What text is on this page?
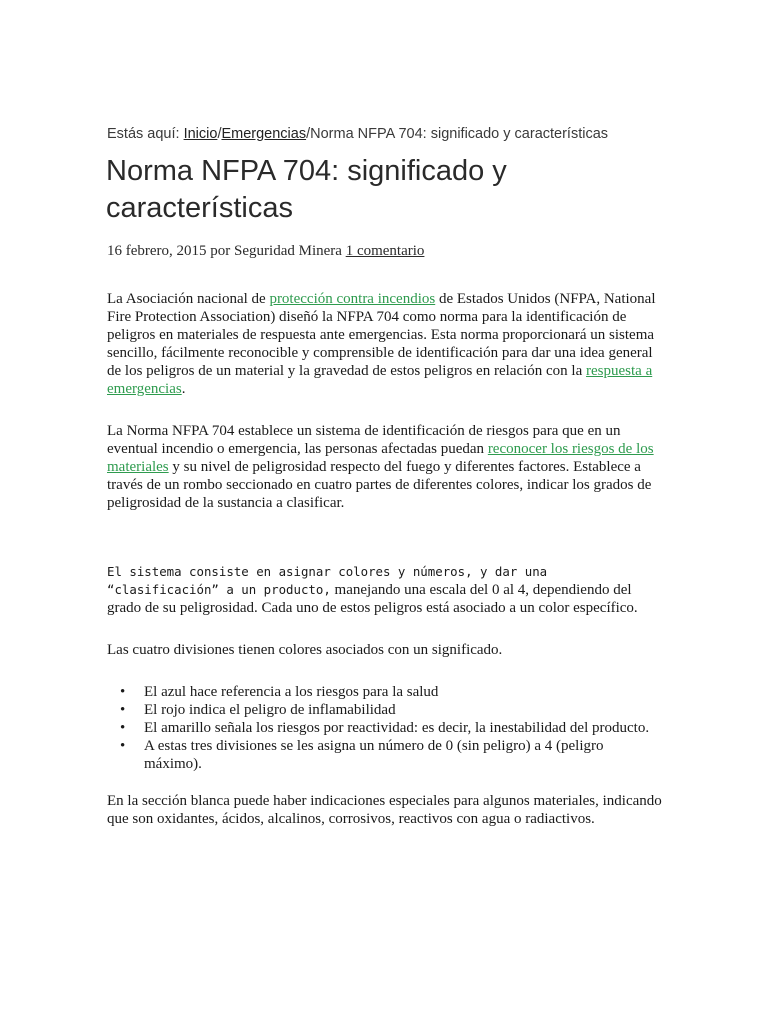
Estás aquí: Inicio/Emergencias/Norma NFPA 704: significado y características
Norma NFPA 704: significado y características
16 febrero, 2015 por Seguridad Minera 1 comentario

La Asociación nacional de protección contra incendios de Estados Unidos (NFPA, National Fire Protection Association) diseñó la NFPA 704 como norma para la identificación de peligros en materiales de respuesta ante emergencias. Esta norma proporcionará un sistema sencillo, fácilmente reconocible y comprensible de identificación para dar una idea general de los peligros de un material y la gravedad de estos peligros en relación con la respuesta a emergencias.

La Norma NFPA 704 establece un sistema de identificación de riesgos para que en un eventual incendio o emergencia, las personas afectadas puedan reconocer los riesgos de los materiales y su nivel de peligrosidad respecto del fuego y diferentes factores. Establece a través de un rombo seccionado en cuatro partes de diferentes colores, indicar los grados de peligrosidad de la sustancia a clasificar.

El sistema consiste en asignar colores y números, y dar una “clasificación” a un producto, manejando una escala del 0 al 4, dependiendo del grado de su peligrosidad. Cada uno de estos peligros está asociado a un color específico.

Las cuatro divisiones tienen colores asociados con un significado.

• El azul hace referencia a los riesgos para la salud
• El rojo indica el peligro de inflamabilidad
• El amarillo señala los riesgos por reactividad: es decir, la inestabilidad del producto.
• A estas tres divisiones se les asigna un número de 0 (sin peligro) a 4 (peligro máximo).

En la sección blanca puede haber indicaciones especiales para algunos materiales, indicando que son oxidantes, ácidos, alcalinos, corrosivos, reactivos con agua o radiactivos.
